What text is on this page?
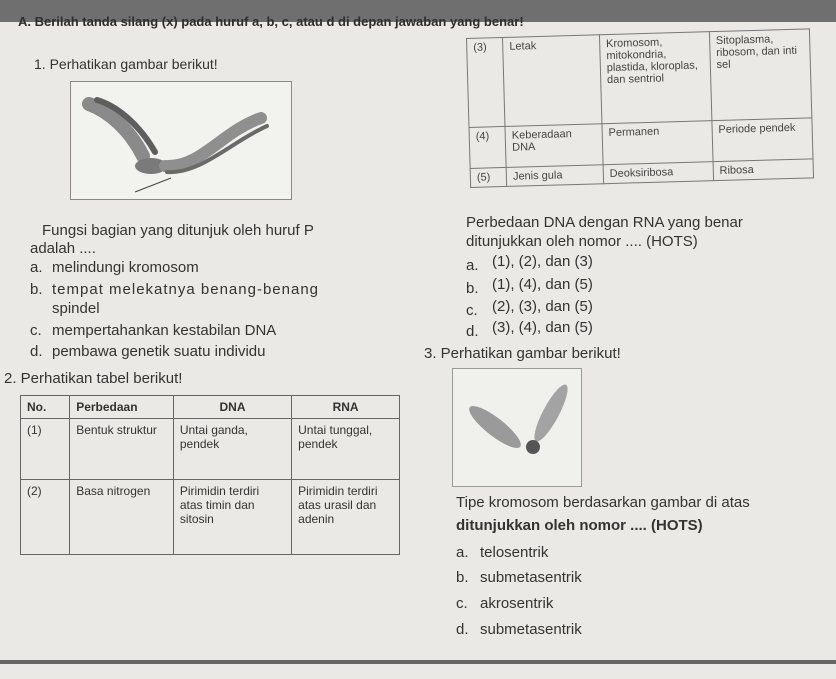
A. Berilah tanda silang (x) pada huruf a, b, c, atau d di depan jawaban yang benar!
1. Perhatikan gambar berikut!
Fungsi bagian yang ditunjuk oleh huruf P
adalah ....
a. melindungi kromosom
b. tempat melekatnya benang-benang
spindel
c. mempertahankan kestabilan DNA
d. pembawa genetik suatu individu
(3)	Letak	Kromosom, mitokondria, plastida, kloroplas, dan sentriol	Sitoplasma, ribosom, dan inti sel
(4)	Keberadaan DNA	Permanen	Periode pendek
(5)	Jenis gula	Deoksiribosa	Ribosa
Perbedaan DNA dengan RNA yang benar
ditunjukkan oleh nomor .... (HOTS)
a. (1), (2), dan (3)
b. (1), (4), dan (5)
c. (2), (3), dan (5)
d. (3), (4), dan (5)
3. Perhatikan gambar berikut!
2. Perhatikan tabel berikut!
No.	Perbedaan	DNA	RNA
(1)	Bentuk struktur	Untai ganda, pendek	Untai tunggal, pendek
(2)	Basa nitrogen	Pirimidin terdiri atas timin dan sitosin	Pirimidin terdiri atas urasil dan adenin
Tipe kromosom berdasarkan gambar di atas
ditunjukkan oleh nomor .... (HOTS)
a. telosentrik
b. submetasentrik
c. akrosentrik
d. submetasentrik
